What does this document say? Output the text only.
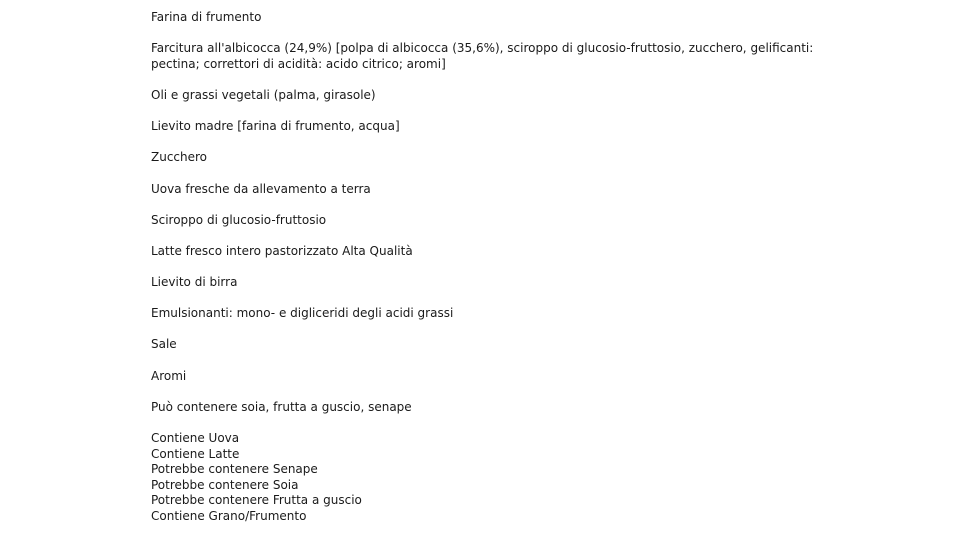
Farina di frumento

Farcitura all'albicocca (24,9%) [polpa di albicocca (35,6%), sciroppo di glucosio-fruttosio, zucchero, gelificanti: pectina; correttori di acidità: acido citrico; aromi]

Oli e grassi vegetali (palma, girasole)

Lievito madre [farina di frumento, acqua]

Zucchero

Uova fresche da allevamento a terra

Sciroppo di glucosio-fruttosio

Latte fresco intero pastorizzato Alta Qualità

Lievito di birra

Emulsionanti: mono- e digliceridi degli acidi grassi

Sale

Aromi

Può contenere soia, frutta a guscio, senape

Contiene Uova
Contiene Latte
Potrebbe contenere Senape
Potrebbe contenere Soia
Potrebbe contenere Frutta a guscio
Contiene Grano/Frumento
